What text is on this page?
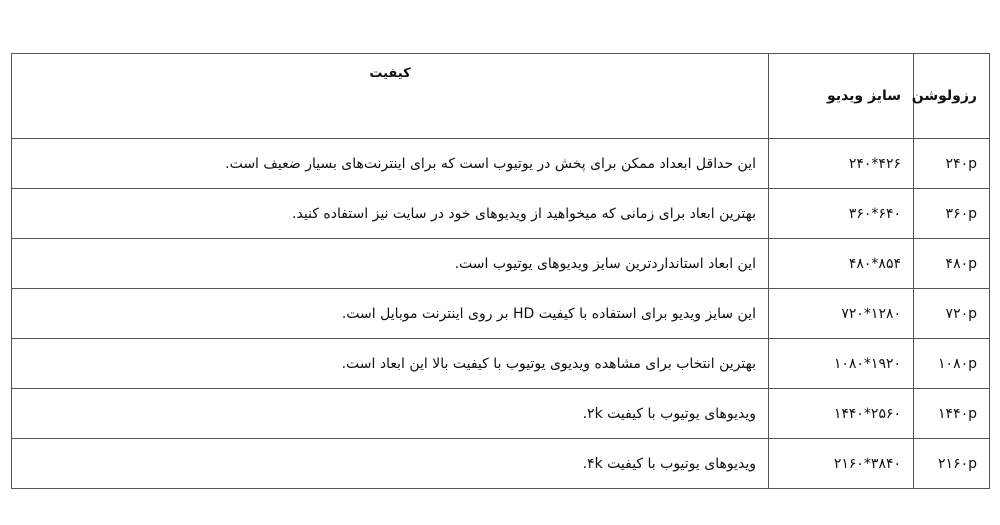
رزولوشن	سایز ویدیو	کیفیت
۲۴۰p	۲۴۰*۴۲۶	این حداقل ابعداد ممکن برای پخش در یوتیوب است که برای اینترنت‌های بسیار ضعیف است.
۳۶۰p	۳۶۰*۶۴۰	بهترین ابعاد برای زمانی که میخواهید از ویدیوهای خود در سایت نیز استفاده کنید.
۴۸۰p	۴۸۰*۸۵۴	این ابعاد استانداردترین سایز ویدیوهای یوتیوب است.
۷۲۰p	۷۲۰*۱۲۸۰	این سایز ویدیو برای استفاده با کیفیت HD بر روی اینترنت موبایل است.
۱۰۸۰p	۱۰۸۰*۱۹۲۰	بهترین انتخاب برای مشاهده ویدیوی یوتیوب با کیفیت بالا این ابعاد است.
۱۴۴۰p	۱۴۴۰*۲۵۶۰	ویدیوهای یوتیوب با کیفیت ۲k.
۲۱۶۰p	۲۱۶۰*۳۸۴۰	ویدیوهای یوتیوب با کیفیت ۴k.
